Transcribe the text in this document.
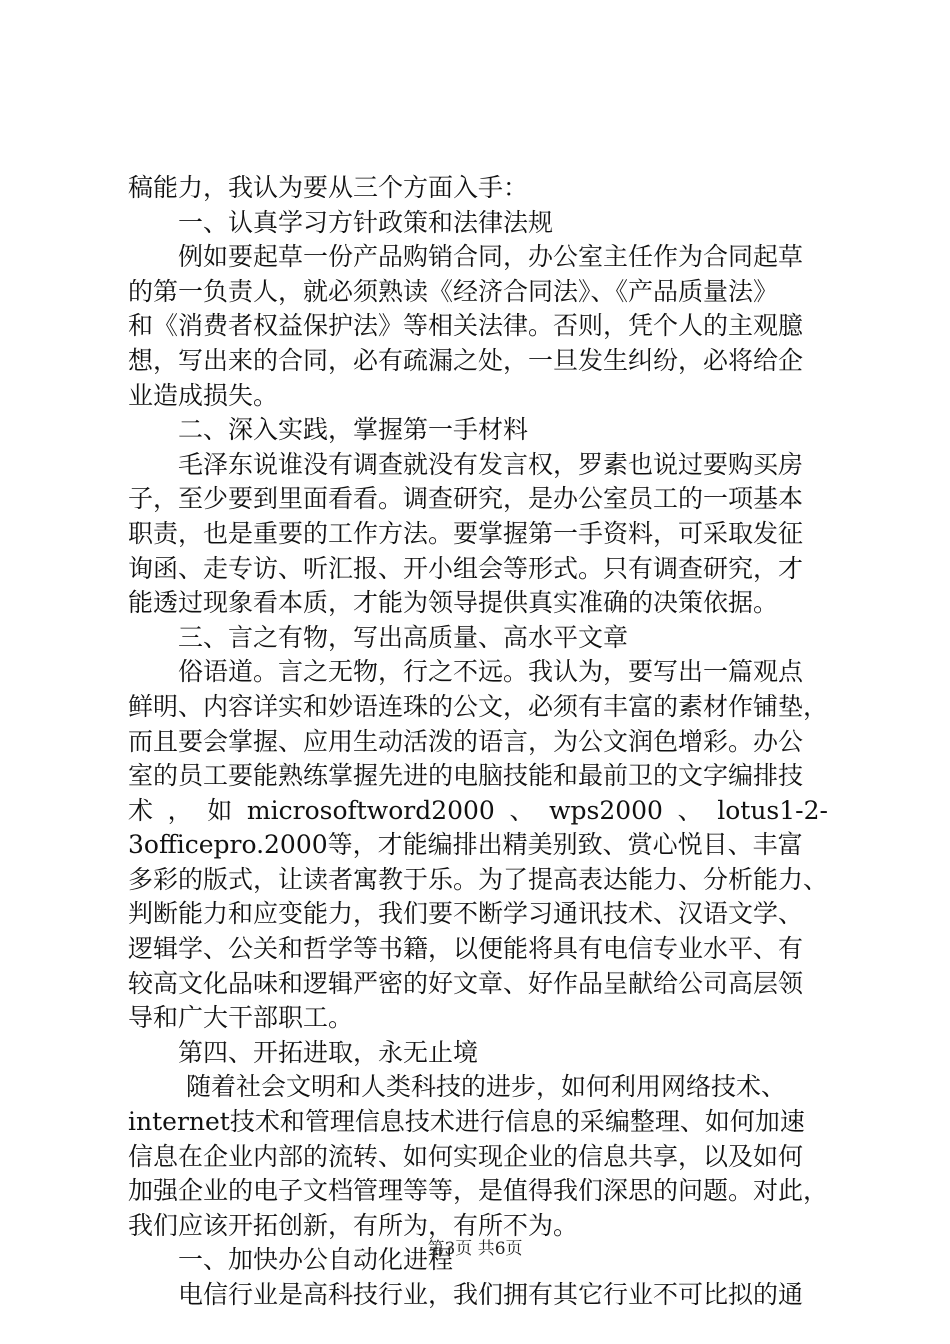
稿能力，我认为要从三个方面入手：
　　一、认真学习方针政策和法律法规
　　例如要起草一份产品购销合同，办公室主任作为合同起草
的第一负责人，就必须熟读《经济合同法》、《产品质量法》
和《消费者权益保护法》等相关法律。否则，凭个人的主观臆
想，写出来的合同，必有疏漏之处，一旦发生纠纷，必将给企
业造成损失。
　　二、深入实践，掌握第一手材料
　　毛泽东说谁没有调查就没有发言权，罗素也说过要购买房
子，至少要到里面看看。调查研究，是办公室员工的一项基本
职责，也是重要的工作方法。要掌握第一手资料，可采取发征
询函、走专访、听汇报、开小组会等形式。只有调查研究，才
能透过现象看本质，才能为领导提供真实准确的决策依据。
　　三、言之有物，写出高质量、高水平文章
　　俗语道。言之无物，行之不远。我认为，要写出一篇观点
鲜明、内容详实和妙语连珠的公文，必须有丰富的素材作铺垫，
而且要会掌握、应用生动活泼的语言，为公文润色增彩。办公
室的员工要能熟练掌握先进的电脑技能和最前卫的文字编排技
术 ， 如 microsoftword2000 、 wps2000 、 lotus1-2-
3officepro.2000等，才能编排出精美别致、赏心悦目、丰富
多彩的版式，让读者寓教于乐。为了提高表达能力、分析能力、
判断能力和应变能力，我们要不断学习通讯技术、汉语文学、
逻辑学、公关和哲学等书籍，以便能将具有电信专业水平、有
较高文化品味和逻辑严密的好文章、好作品呈献给公司高层领
导和广大干部职工。
　　第四、开拓进取，永无止境
　　 随着社会文明和人类科技的进步，如何利用网络技术、
internet技术和管理信息技术进行信息的采编整理、如何加速
信息在企业内部的流转、如何实现企业的信息共享，以及如何
加强企业的电子文档管理等等，是值得我们深思的问题。对此，
我们应该开拓创新，有所为，有所不为。
　　一、加快办公自动化进程
　　电信行业是高科技行业，我们拥有其它行业不可比拟的通
第3页 共6页
